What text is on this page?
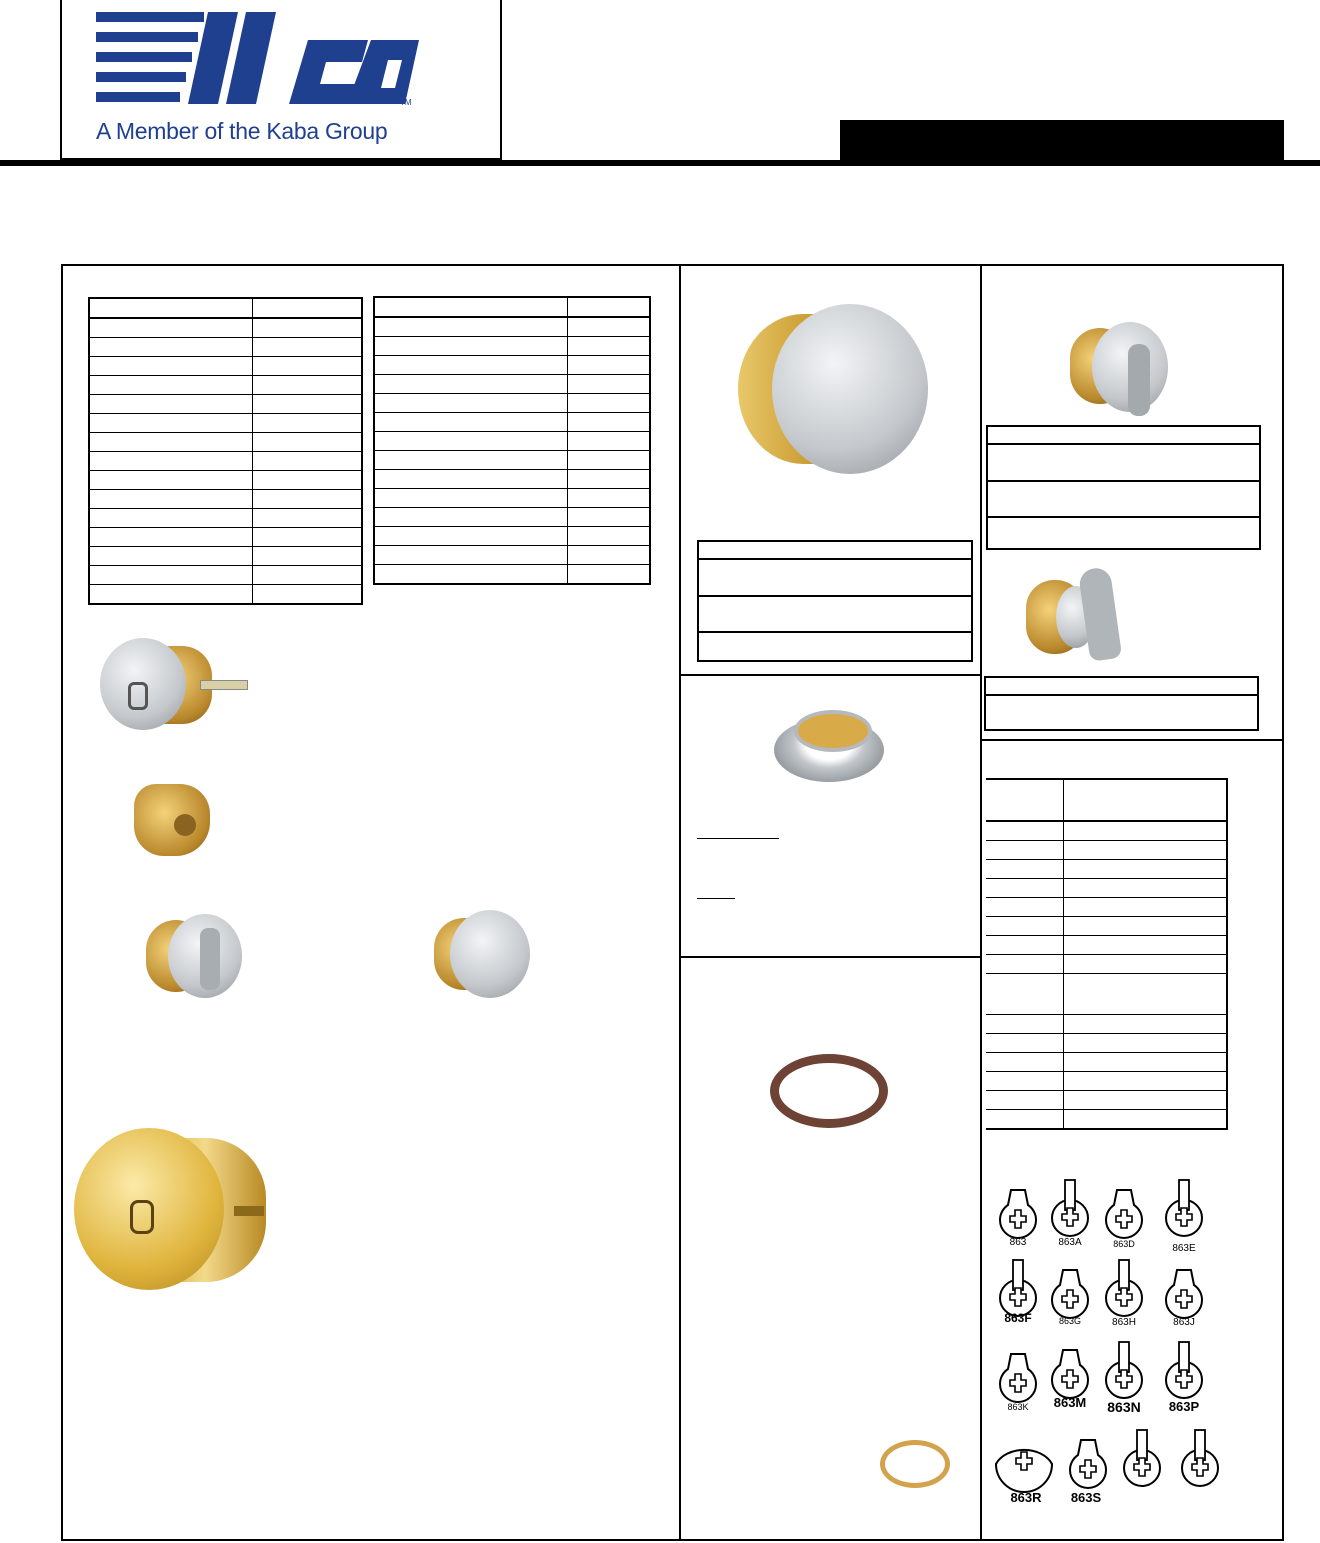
TM
A Member of the Kaba Group

863	863A	863D	863E
863F	863G	863H	863J
863K 863M 863N 863P
863R 863S
